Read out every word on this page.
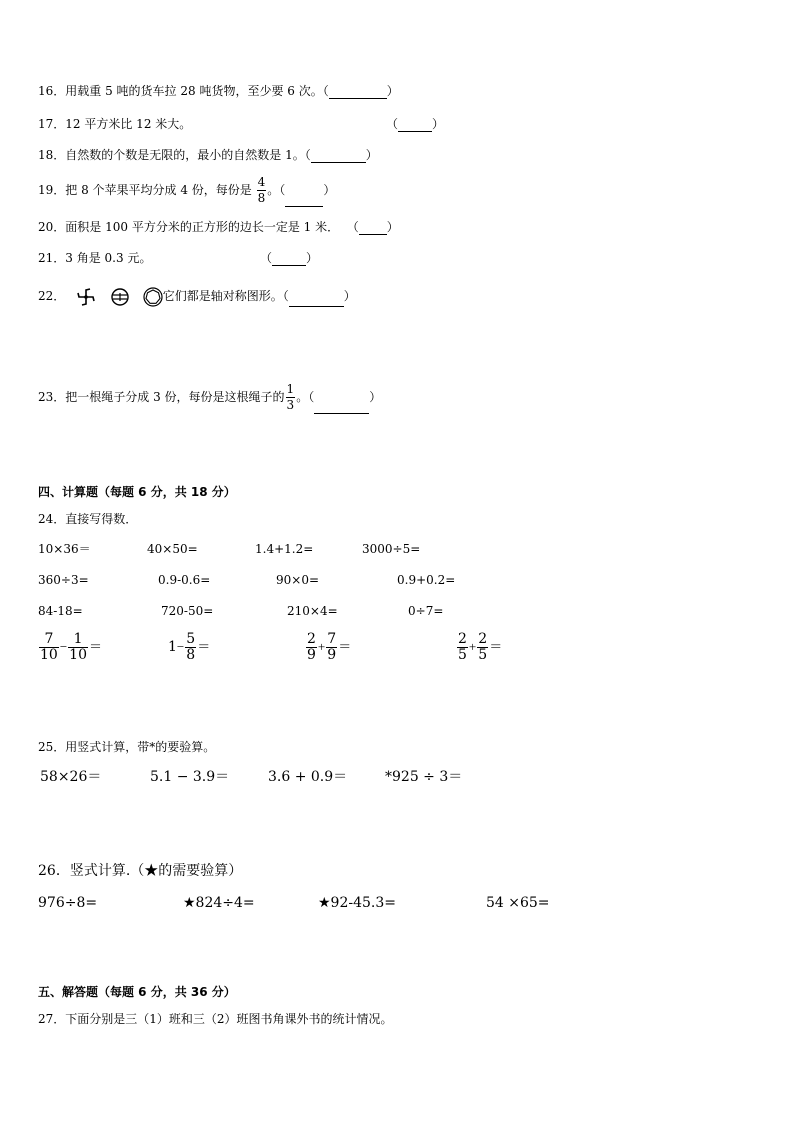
16．用载重 5 吨的货车拉 28 吨货物，至少要 6 次。（	）
17．12 平方米比 12 米大。	（	）
18．自然数的个数是无限的，最小的自然数是 1。（	）
19．把 8 个苹果平均分成 4 份，每份是 $\frac{4}{8}$ 。（	）
20．面积是 100 平方分米的正方形的边长一定是 1 米． （ ）
21．3 角是 0.3 元。	（	）
22．	它们都是轴对称图形。（	）
23．把一根绳子分成 3 份，每份是这根绳子的 $\frac{1}{3}$ 。（	）
四、计算题（每题 6 分，共 18 分）
24．直接写得数．
10×36＝	40×50=	1.4+1.2=	3000÷5=
360÷3=	0.9-0.6=	90×0=	0.9+0.2=
84-18=	720-50=	210×4=	0÷7=
$\frac{7}{10} - \frac{1}{10}$ ＝	$1- \frac{5}{8}$ ＝	$\frac{2}{9} + \frac{7}{9}$ ＝	$\frac{2}{5} + \frac{2}{5}$ ＝
25．用竖式计算，带*的要验算。
58×26＝	5.1 − 3.9＝	3.6 + 0.9＝	*925 ÷ 3＝
26．竖式计算.（★的需要验算）
976÷8=	★824÷4=	★92-45.3=	54 ×65=
五、解答题（每题 6 分，共 36 分）
27．下面分别是三（1）班和三（2）班图书角课外书的统计情况。
